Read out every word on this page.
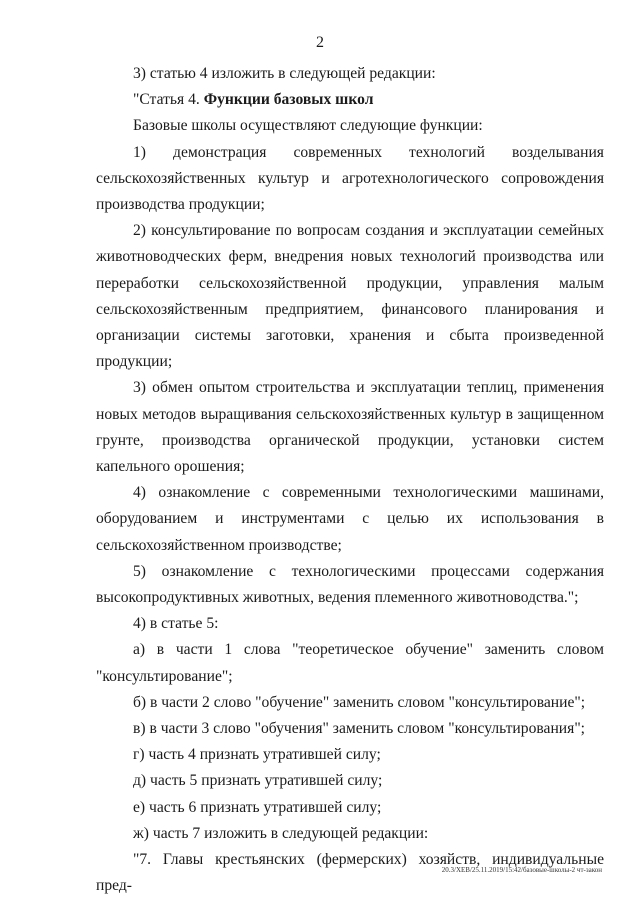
2

3) статью 4 изложить в следующей редакции:

"Статья 4. Функции базовых школ

Базовые школы осуществляют следующие функции:

1) демонстрация современных технологий возделывания сельскохозяйственных культур и агротехнологического сопровождения производства продукции;

2) консультирование по вопросам создания и эксплуатации семейных животноводческих ферм, внедрения новых технологий производства или переработки сельскохозяйственной продукции, управления малым сельскохозяйственным предприятием, финансового планирования и организации системы заготовки, хранения и сбыта произведенной продукции;

3) обмен опытом строительства и эксплуатации теплиц, применения новых методов выращивания сельскохозяйственных культур в защищенном грунте, производства органической продукции, установки систем капельного орошения;

4) ознакомление с современными технологическими машинами, оборудованием и инструментами с целью их использования в сельскохозяйственном производстве;

5) ознакомление с технологическими процессами содержания высокопродуктивных животных, ведения племенного животноводства.";

4) в статье 5:

а) в части 1 слова "теоретическое обучение" заменить словом "консультирование";

б) в части 2 слово "обучение" заменить словом "консультирование";

в) в части 3 слово "обучения" заменить словом "консультирования";

г) часть 4 признать утратившей силу;

д) часть 5 признать утратившей силу;

е) часть 6 признать утратившей силу;

ж) часть 7 изложить в следующей редакции:

"7. Главы крестьянских (фермерских) хозяйств, индивидуальные пред-

20.3/ХЕВ/25.11.2019/15:42/базовые-школы-2 чт-закон
